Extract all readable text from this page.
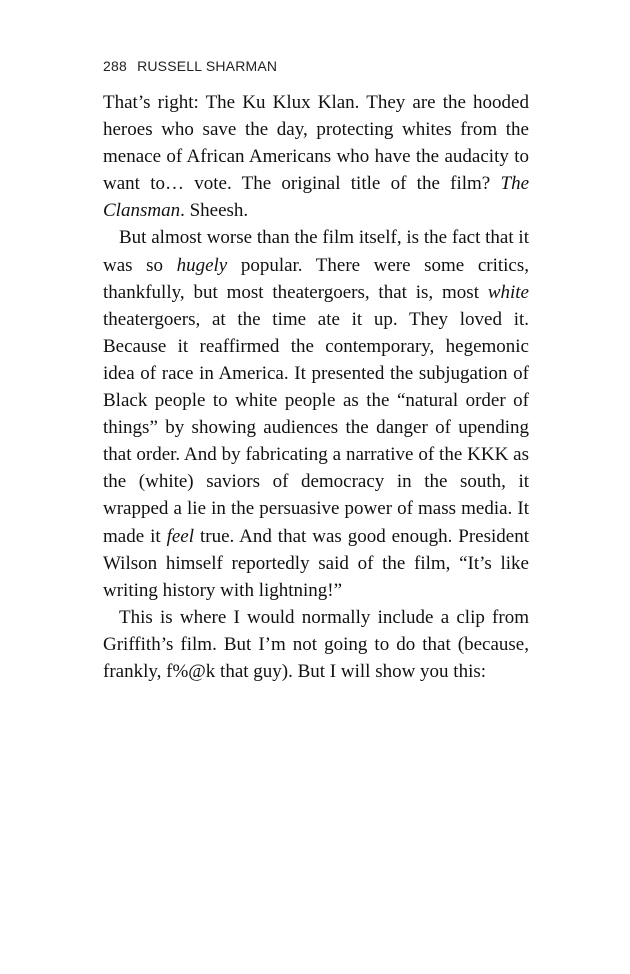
288 RUSSELL SHARMAN

That’s right: The Ku Klux Klan. They are the hooded heroes who save the day, protecting whites from the menace of African Americans who have the audacity to want to… vote. The original title of the film? The Clansman. Sheesh.

But almost worse than the film itself, is the fact that it was so hugely popular. There were some critics, thankfully, but most theatergoers, that is, most white theatergoers, at the time ate it up. They loved it. Because it reaffirmed the contemporary, hegemonic idea of race in America. It presented the subjugation of Black people to white people as the “natural order of things” by showing audiences the danger of upending that order. And by fabricating a narrative of the KKK as the (white) saviors of democracy in the south, it wrapped a lie in the persuasive power of mass media. It made it feel true. And that was good enough. President Wilson himself reportedly said of the film, “It’s like writing history with lightning!”

This is where I would normally include a clip from Griffith’s film. But I’m not going to do that (because, frankly, f%@k that guy). But I will show you this:
